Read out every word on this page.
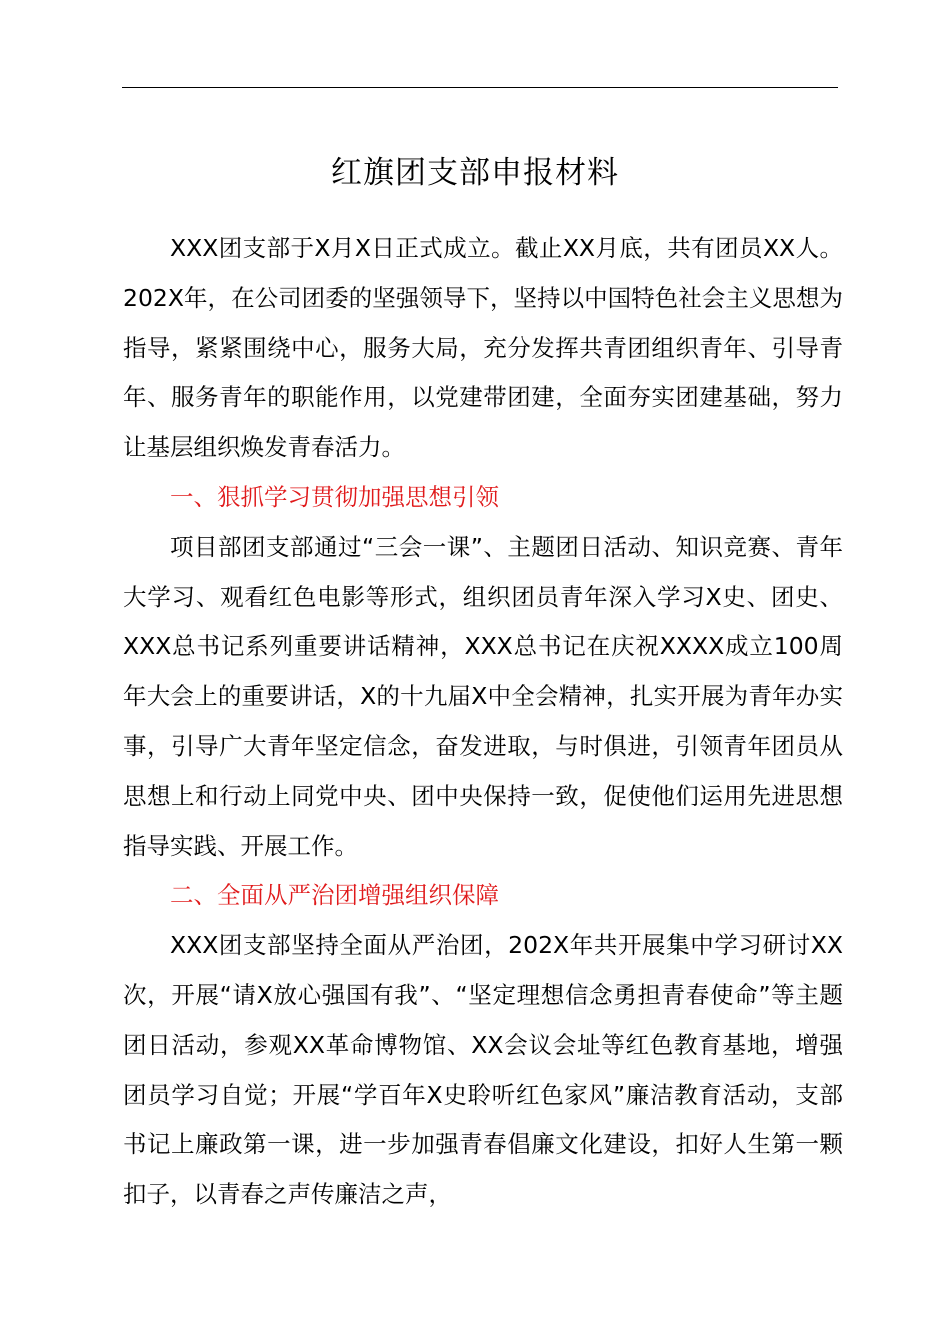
红旗团支部申报材料

XXX团支部于X月X日正式成立。截止XX月底，共有团员XX人。202X年，在公司团委的坚强领导下，坚持以中国特色社会主义思想为指导，紧紧围绕中心，服务大局，充分发挥共青团组织青年、引导青年、服务青年的职能作用，以党建带团建，全面夯实团建基础，努力让基层组织焕发青春活力。

一、狠抓学习贯彻加强思想引领

项目部团支部通过“三会一课”、主题团日活动、知识竞赛、青年大学习、观看红色电影等形式，组织团员青年深入学习X史、团史、XXX总书记系列重要讲话精神，XXX总书记在庆祝XXXX成立100周年大会上的重要讲话，X的十九届X中全会精神，扎实开展为青年办实事，引导广大青年坚定信念，奋发进取，与时俱进，引领青年团员从思想上和行动上同党中央、团中央保持一致，促使他们运用先进思想指导实践、开展工作。

二、全面从严治团增强组织保障

XXX团支部坚持全面从严治团，202X年共开展集中学习研讨XX次，开展“请X放心强国有我”、“坚定理想信念勇担青春使命”等主题团日活动，参观XX革命博物馆、XX会议会址等红色教育基地，增强团员学习自觉；开展“学百年X史聆听红色家风”廉洁教育活动，支部书记上廉政第一课，进一步加强青春倡廉文化建设，扣好人生第一颗扣子，以青春之声传廉洁之声，
